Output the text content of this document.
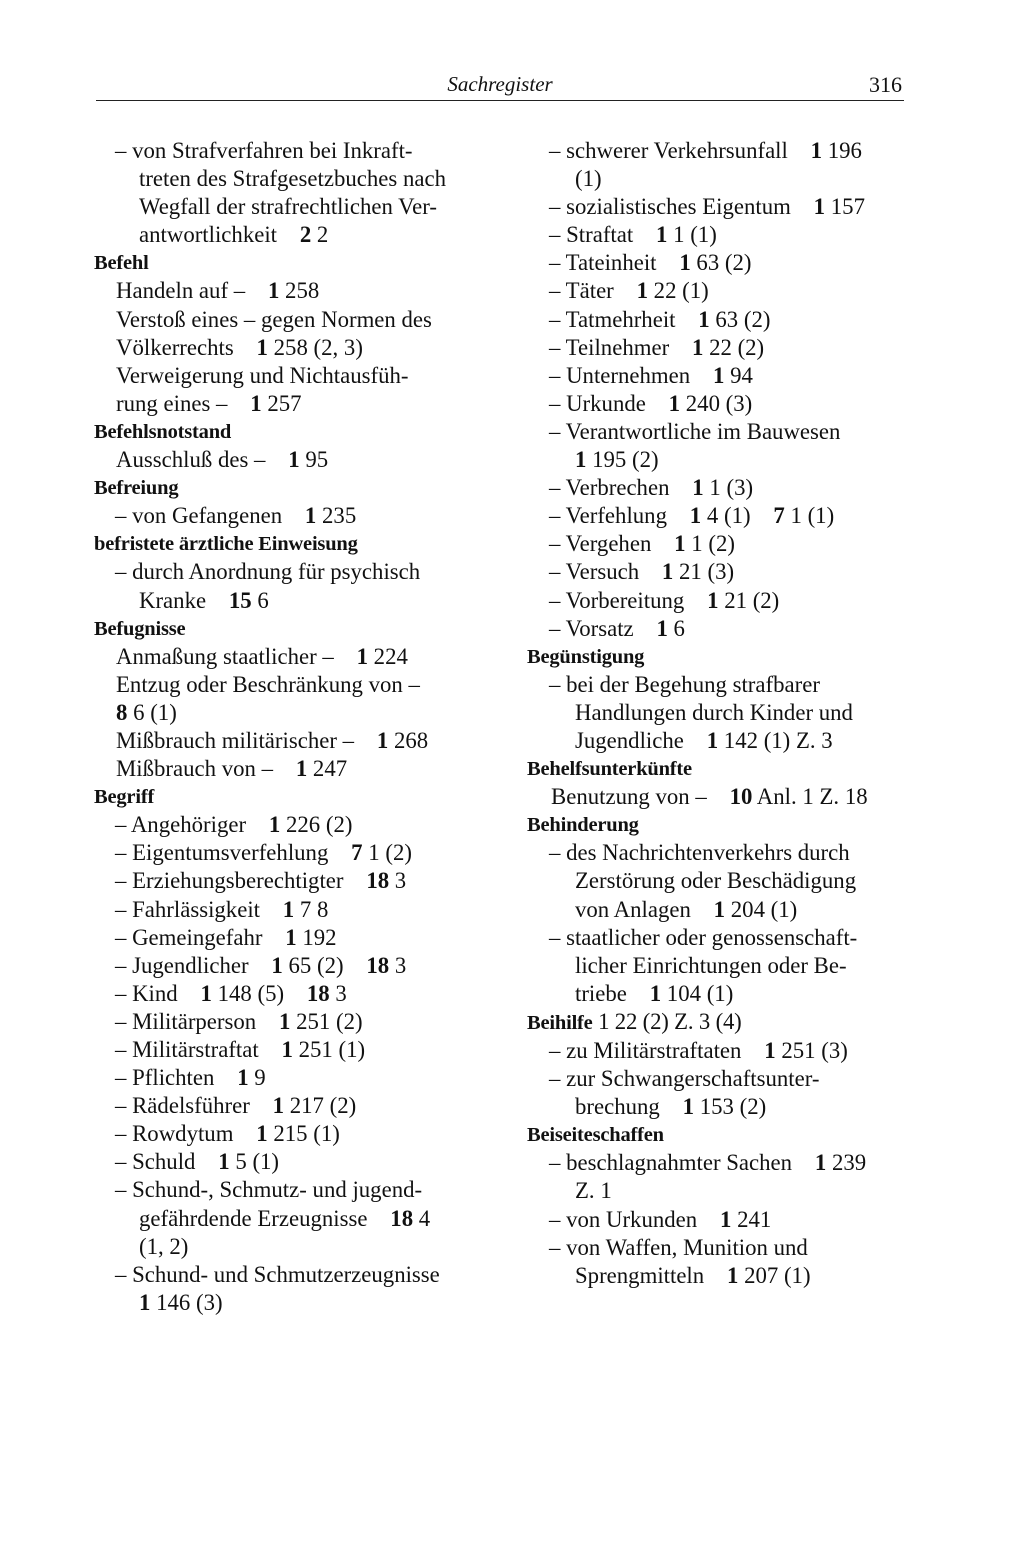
Sachregister	316
– von Strafverfahren bei Inkraft-
treten des Strafgesetzbuches nach
Wegfall der strafrechtlichen Ver-
antwortlichkeit  2 2
Befehl
Handeln auf –  1 258
Verstoß eines – gegen Normen des
Völkerrechts  1 258 (2, 3)
Verweigerung und Nichtausfüh-
rung eines –  1 257
Befehlsnotstand
Ausschluß des –  1 95
Befreiung
– von Gefangenen  1 235
befristete ärztliche Einweisung
– durch Anordnung für psychisch
Kranke  15 6
Befugnisse
Anmaßung staatlicher –  1 224
Entzug oder Beschränkung von –
8 6 (1)
Mißbrauch militärischer –  1 268
Mißbrauch von –  1 247
Begriff
– Angehöriger  1 226 (2)
– Eigentumsverfehlung  7 1 (2)
– Erziehungsberechtigter  18 3
– Fahrlässigkeit  1 7 8
– Gemeingefahr  1 192
– Jugendlicher  1 65 (2)  18 3
– Kind  1 148 (5)  18 3
– Militärperson  1 251 (2)
– Militärstraftat  1 251 (1)
– Pflichten  1 9
– Rädelsführer  1 217 (2)
– Rowdytum  1 215 (1)
– Schuld  1 5 (1)
– Schund-, Schmutz- und jugend-
gefährdende Erzeugnisse  18 4
(1, 2)
– Schund- und Schmutzerzeugnisse
1 146 (3)
– schwerer Verkehrsunfall  1 196
(1)
– sozialistisches Eigentum  1 157
– Straftat  1 1 (1)
– Tateinheit  1 63 (2)
– Täter  1 22 (1)
– Tatmehrheit  1 63 (2)
– Teilnehmer  1 22 (2)
– Unternehmen  1 94
– Urkunde  1 240 (3)
– Verantwortliche im Bauwesen
1 195 (2)
– Verbrechen  1 1 (3)
– Verfehlung  1 4 (1)  7 1 (1)
– Vergehen  1 1 (2)
– Versuch  1 21 (3)
– Vorbereitung  1 21 (2)
– Vorsatz  1 6
Begünstigung
– bei der Begehung strafbarer
Handlungen durch Kinder und
Jugendliche  1 142 (1) Z. 3
Behelfsunterkünfte
Benutzung von –  10 Anl. 1 Z. 18
Behinderung
– des Nachrichtenverkehrs durch
Zerstörung oder Beschädigung
von Anlagen  1 204 (1)
– staatlicher oder genossenschaft-
licher Einrichtungen oder Be-
triebe  1 104 (1)
Beihilfe 1 22 (2) Z. 3 (4)
– zu Militärstraftaten  1 251 (3)
– zur Schwangerschaftsunter-
brechung  1 153 (2)
Beiseiteschaffen
– beschlagnahmter Sachen  1 239
Z. 1
– von Urkunden  1 241
– von Waffen, Munition und
Sprengmitteln  1 207 (1)
